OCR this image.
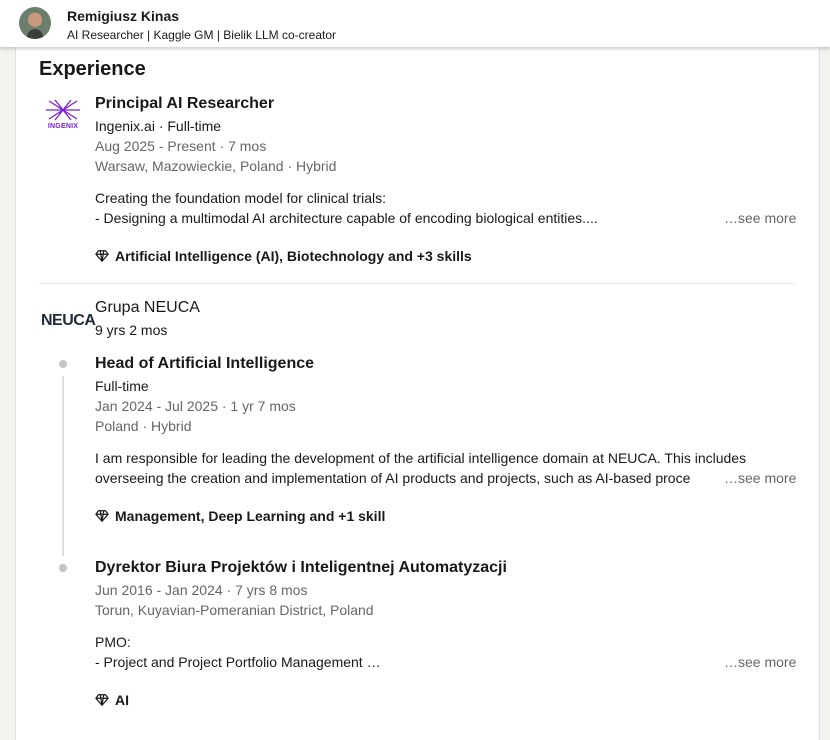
Remigiusz Kinas
AI Researcher | Kaggle GM | Bielik LLM co-creator
Experience
INGENIX
Principal AI Researcher
Ingenix.ai · Full-time
Aug 2025 - Present · 7 mos
Warsaw, Mazowieckie, Poland · Hybrid
Creating the foundation model for clinical trials:
- Designing a multimodal AI architecture capable of encoding biological entities....	…see more
Artificial Intelligence (AI), Biotechnology and +3 skills
NEUCA
Grupa NEUCA
9 yrs 2 mos
Head of Artificial Intelligence
Full-time
Jan 2024 - Jul 2025 · 1 yr 7 mos
Poland · Hybrid
I am responsible for leading the development of the artificial intelligence domain at NEUCA. This includes
overseeing the creation and implementation of AI products and projects, such as AI-based proce	…see more
Management, Deep Learning and +1 skill
Dyrektor Biura Projektów i Inteligentnej Automatyzacji
Jun 2016 - Jan 2024 · 7 yrs 8 mos
Torun, Kuyavian-Pomeranian District, Poland
PMO:
- Project and Project Portfolio Management …	…see more
AI
